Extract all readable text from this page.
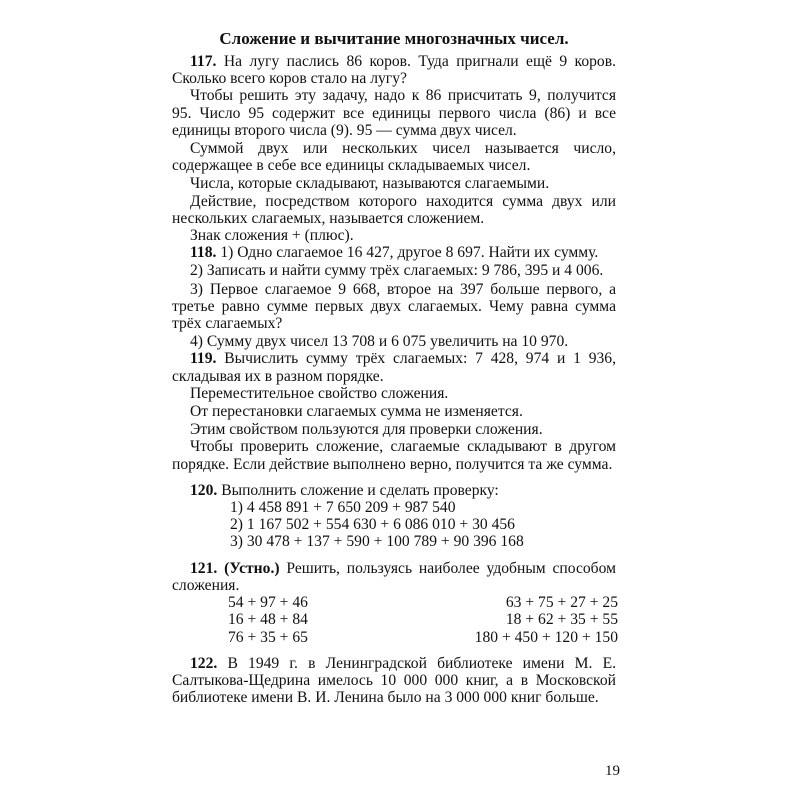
Сложение и вычитание многозначных чисел.

117. На лугу паслись 86 коров. Туда пригнали ещё 9 коров. Сколько всего коров стало на лугу?

Чтобы решить эту задачу, надо к 86 присчитать 9, получится 95. Число 95 содержит все единицы первого числа (86) и все единицы второго числа (9). 95 — сумма двух чисел.

Суммой двух или нескольких чисел называется число, содержащее в себе все единицы складываемых чисел.

Числа, которые складывают, называются слагаемыми.

Действие, посредством которого находится сумма двух или нескольких слагаемых, называется сложением.

Знак сложения + (плюс).

118. 1) Одно слагаемое 16 427, другое 8 697. Найти их сумму.

2) Записать и найти сумму трёх слагаемых: 9 786, 395 и 4 006.

3) Первое слагаемое 9 668, второе на 397 больше первого, а третье равно сумме первых двух слагаемых. Чему равна сумма трёх слагаемых?

4) Сумму двух чисел 13 708 и 6 075 увеличить на 10 970.

119. Вычислить сумму трёх слагаемых: 7 428, 974 и 1 936, складывая их в разном порядке.

Переместительное свойство сложения.

От перестановки слагаемых сумма не изменяется.

Этим свойством пользуются для проверки сложения.

Чтобы проверить сложение, слагаемые складывают в другом порядке. Если действие выполнено верно, получится та же сумма.

120. Выполнить сложение и сделать проверку:

1) 4 458 891 + 7 650 209 + 987 540

2) 1 167 502 + 554 630 + 6 086 010 + 30 456

3) 30 478 + 137 + 590 + 100 789 + 90 396 168

121. (Устно.) Решить, пользуясь наиболее удобным способом сложения.

54 + 97 + 46	63 + 75 + 27 + 25
16 + 48 + 84	18 + 62 + 35 + 55
76 + 35 + 65	180 + 450 + 120 + 150

122. В 1949 г. в Ленинградской библиотеке имени М. Е. Салтыкова-Щедрина имелось 10 000 000 книг, а в Московской библиотеке имени В. И. Ленина было на 3 000 000 книг больше.

19
